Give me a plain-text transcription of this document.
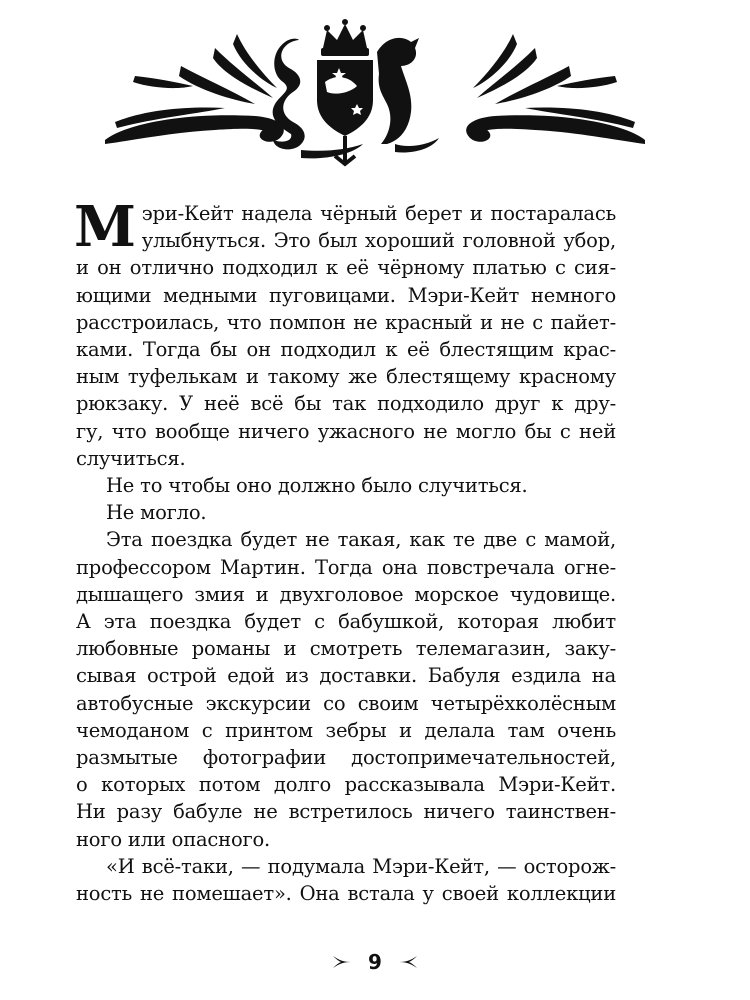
М эри-Кейт надела чёрный берет и постаралась
улыбнуться. Это был хороший головной убор,
и он отлично подходил к её чёрному платью с сия-
ющими медными пуговицами. Мэри-Кейт немного
расстроилась, что помпон не красный и не с пайет-
ками. Тогда бы он подходил к её блестящим крас-
ным туфелькам и такому же блестящему красному
рюкзаку. У неё всё бы так подходило друг к дру-
гу, что вообще ничего ужасного не могло бы с ней
случиться.

Не то чтобы оно должно было случиться.

Не могло.

Эта поездка будет не такая, как те две с мамой,
профессором Мартин. Тогда она повстречала огне-
дышащего змия и двухголовое морское чудовище.
А эта поездка будет с бабушкой, которая любит
любовные романы и смотреть телемагазин, заку-
сывая острой едой из доставки. Бабуля ездила на
автобусные экскурсии со своим четырёхколёсным
чемоданом с принтом зебры и делала там очень
размытые фотографии достопримечательностей,
о которых потом долго рассказывала Мэри-Кейт.
Ни разу бабуле не встретилось ничего таинствен-
ного или опасного.

«И всё-таки, — подумала Мэри-Кейт, — осторож-
ность не помешает». Она встала у своей коллекции

9
